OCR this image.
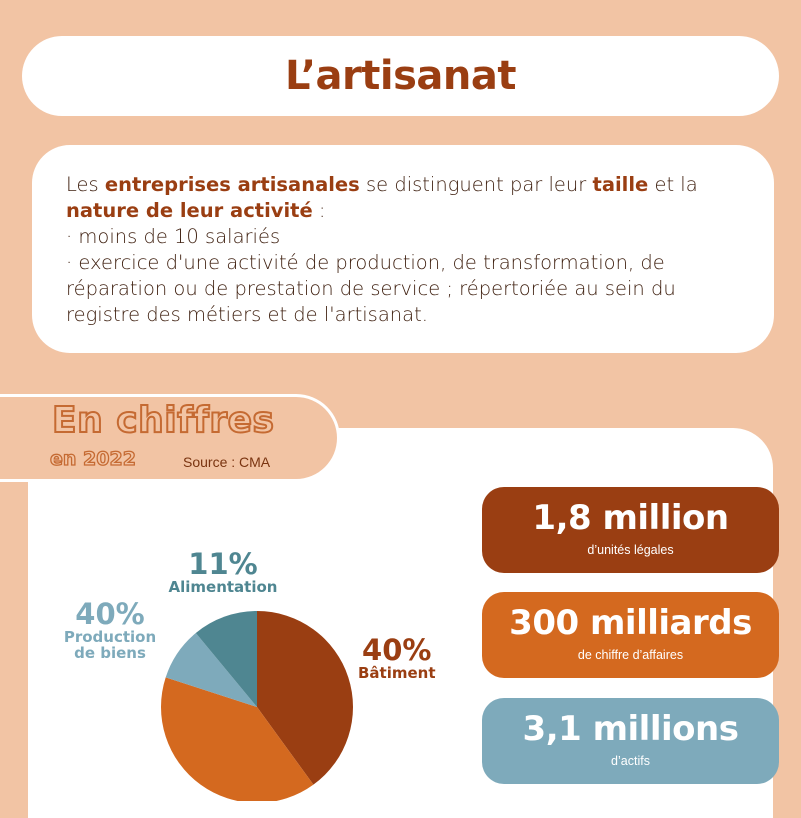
L’artisanat
Les entreprises artisanales se distinguent par leur taille et la nature de leur activité :
· moins de 10 salariés
· exercice d'une activité de production, de transformation, de réparation ou de prestation de service ; répertoriée au sein du registre des métiers et de l'artisanat.
En chiffres
en 2022	Source : CMA
40%
Bâtiment
40%
Production
de biens
11%
Alimentation
1,8 million
d’unités légales
300 milliards
de chiffre d’affaires
3,1 millions
d’actifs
